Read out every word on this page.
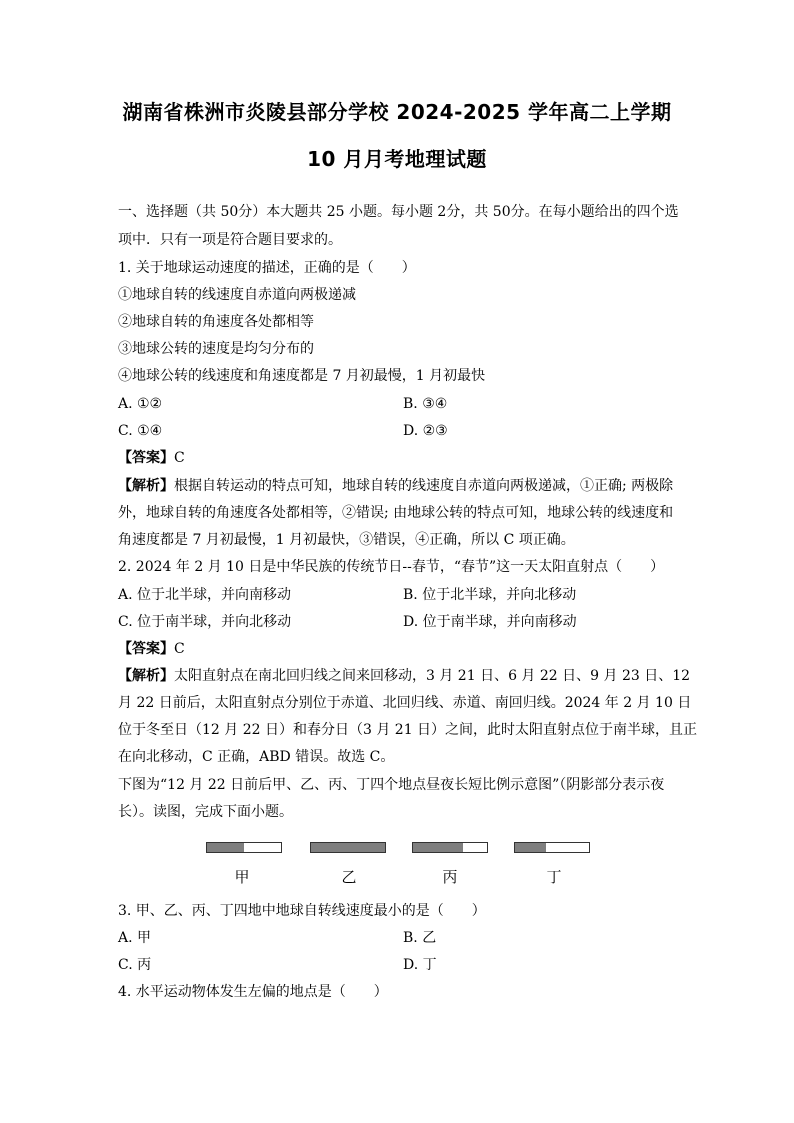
湖南省株洲市炎陵县部分学校 2024-2025 学年高二上学期
10 月月考地理试题
一、选择题（共 50分）本大题共 25 小题。每小题 2分，共 50分。在每小题给出的四个选
项中．只有一项是符合题目要求的。
1. 关于地球运动速度的描述，正确的是（　　）
①地球自转的线速度自赤道向两极递减
②地球自转的角速度各处都相等
③地球公转的速度是均匀分布的
④地球公转的线速度和角速度都是 7 月初最慢，1 月初最快
A. ①②	B. ③④
C. ①④	D. ②③
【答案】C
【解析】根据自转运动的特点可知，地球自转的线速度自赤道向两极递减，①正确; 两极除
外，地球自转的角速度各处都相等，②错误; 由地球公转的特点可知，地球公转的线速度和
角速度都是 7 月初最慢，1 月初最快，③错误，④正确，所以 C 项正确。
2. 2024 年 2 月 10 日是中华民族的传统节日--春节，“春节”这一天太阳直射点（　　）
A. 位于北半球，并向南移动	B. 位于北半球，并向北移动
C. 位于南半球，并向北移动	D. 位于南半球，并向南移动
【答案】C
【解析】太阳直射点在南北回归线之间来回移动，3 月 21 日、6 月 22 日、9 月 23 日、12
月 22 日前后，太阳直射点分别位于赤道、北回归线、赤道、南回归线。2024 年 2 月 10 日
位于冬至日（12 月 22 日）和春分日（3 月 21 日）之间，此时太阳直射点位于南半球，且正
在向北移动，C 正确，ABD 错误。故选 C。
下图为“12 月 22 日前后甲、乙、丙、丁四个地点昼夜长短比例示意图”（阴影部分表示夜
长）。读图，完成下面小题。
甲	乙	丙	丁
3. 甲、乙、丙、丁四地中地球自转线速度最小的是（　　）
A. 甲	B. 乙
C. 丙	D. 丁
4. 水平运动物体发生左偏的地点是（　　）
